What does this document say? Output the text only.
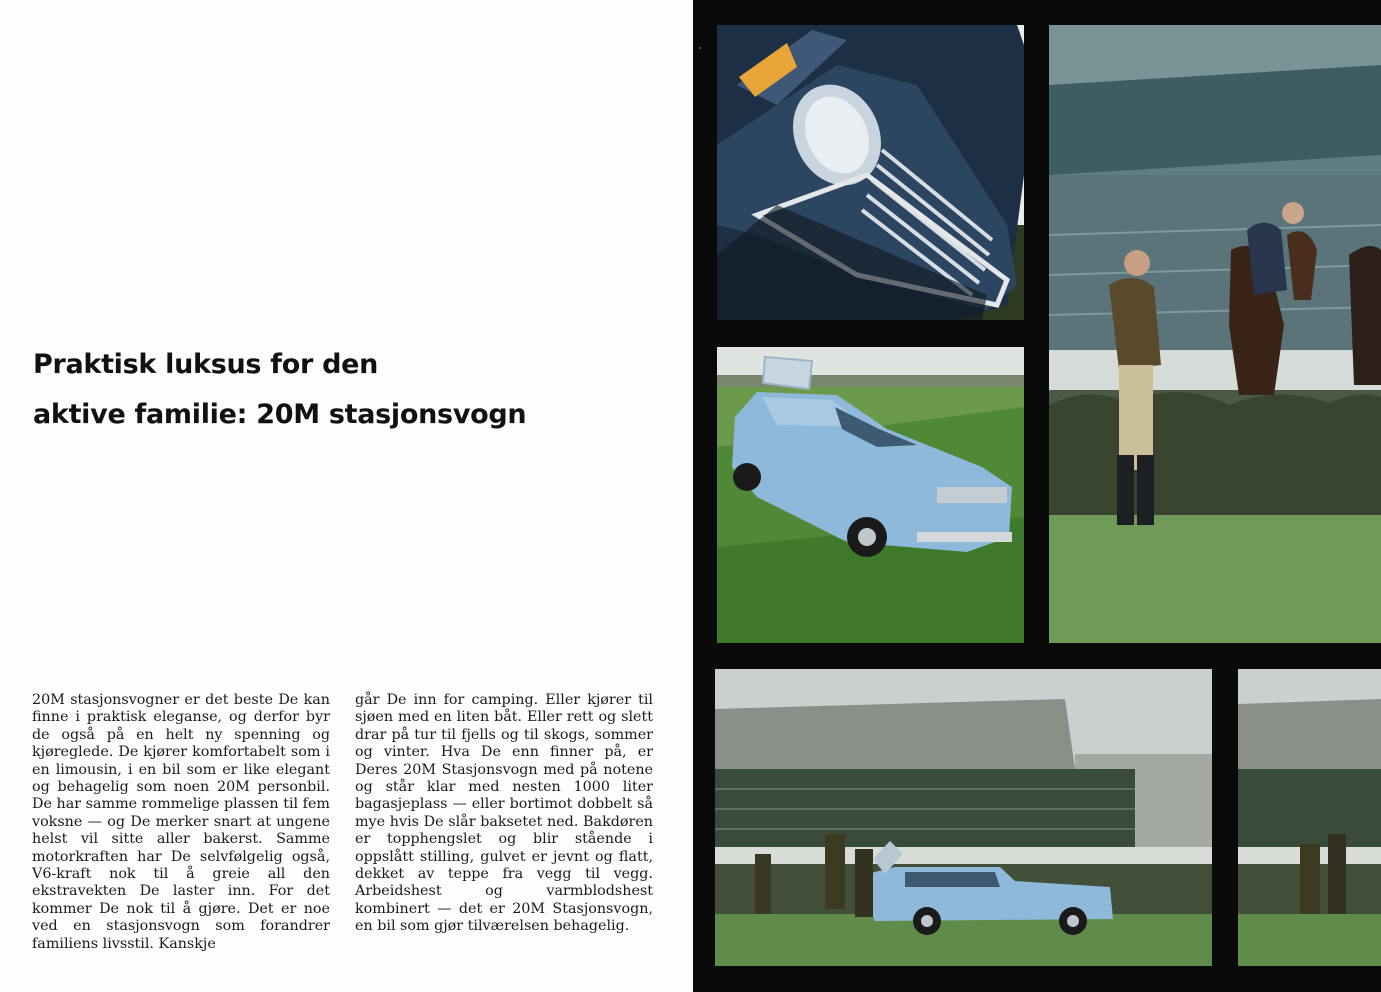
Praktisk luksus for den
aktive familie: 20M stasjonsvogn

20M stasjonsvogner er det beste De kan finne i praktisk eleganse, og derfor byr de også på en helt ny spenning og kjøreglede. De kjører komfortabelt som i en limousin, i en bil som er like elegant og behagelig som noen 20M personbil. De har samme rommelige plassen til fem voksne — og De merker snart at ungene helst vil sitte aller bakerst. Samme motorkraften har De selvfølgelig også, V6-kraft nok til å greie all den ekstravekten De laster inn. For det kommer De nok til å gjøre. Det er noe ved en stasjonsvogn som forandrer familiens livsstil. Kanskje

går De inn for camping. Eller kjører til sjøen med en liten båt. Eller rett og slett drar på tur til fjells og til skogs, sommer og vinter. Hva De enn finner på, er Deres 20M Stasjonsvogn med på notene og står klar med nesten 1000 liter bagasjeplass — eller bortimot dobbelt så mye hvis De slår baksetet ned. Bakdøren er topphengslet og blir stående i oppslått stilling, gulvet er jevnt og flatt, dekket av teppe fra vegg til vegg. Arbeidshest og varmblodshest kombinert — det er 20M Stasjonsvogn, en bil som gjør tilværelsen behagelig.
